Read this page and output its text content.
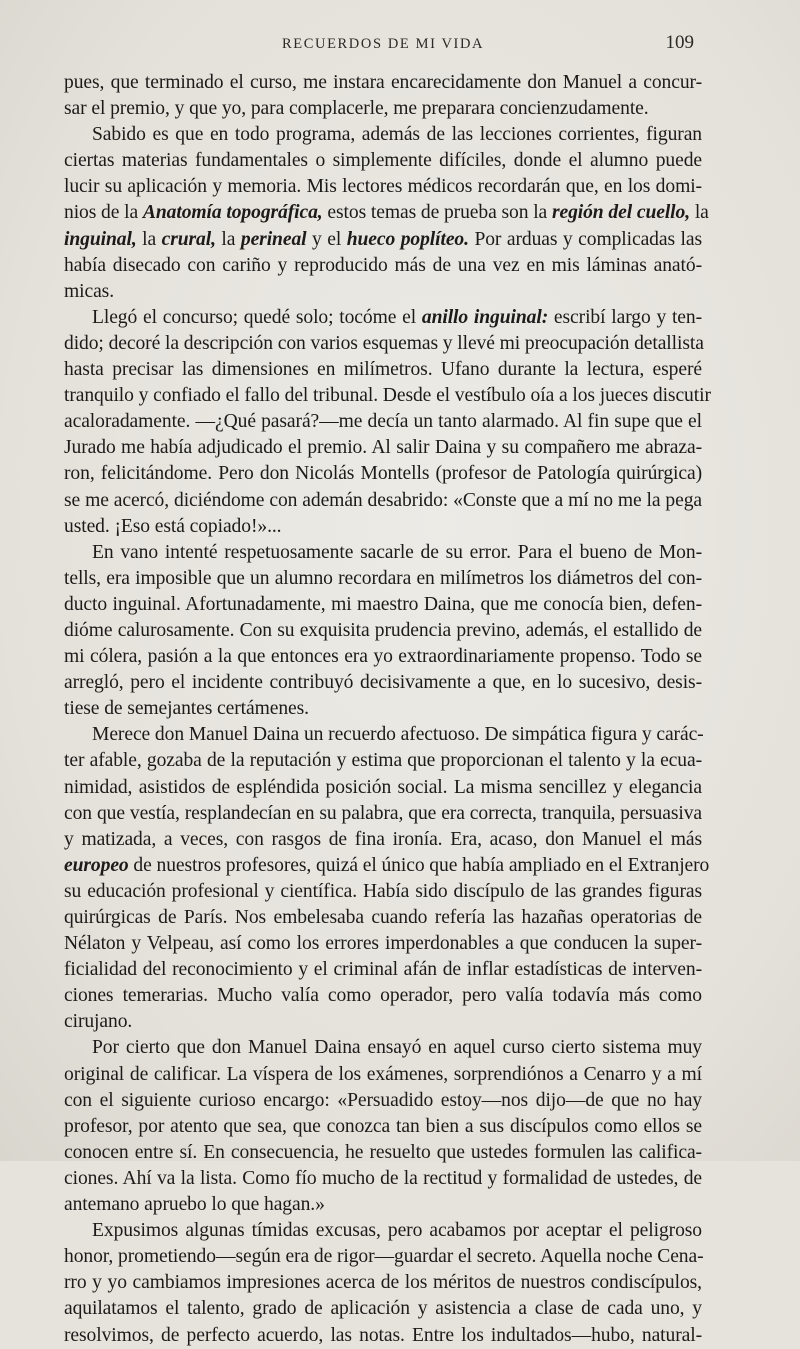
RECUERDOS DE MI VIDA	109
pues, que terminado el curso, me instara encarecidamente don Manuel a concur-
sar el premio, y que yo, para complacerle, me preparara concienzudamente.
Sabido es que en todo programa, además de las lecciones corrientes, figuran
ciertas materias fundamentales o simplemente difíciles, donde el alumno puede
lucir su aplicación y memoria. Mis lectores médicos recordarán que, en los domi-
nios de la Anatomía topográfica, estos temas de prueba son la región del cuello, la
inguinal, la crural, la perineal y el hueco poplíteo. Por arduas y complicadas las
había disecado con cariño y reproducido más de una vez en mis láminas anató-
micas.
Llegó el concurso; quedé solo; tocóme el anillo inguinal: escribí largo y ten-
dido; decoré la descripción con varios esquemas y llevé mi preocupación detallista
hasta precisar las dimensiones en milímetros. Ufano durante la lectura, esperé
tranquilo y confiado el fallo del tribunal. Desde el vestíbulo oía a los jueces discutir
acaloradamente. —¿Qué pasará?—me decía un tanto alarmado. Al fin supe que el
Jurado me había adjudicado el premio. Al salir Daina y su compañero me abraza-
ron, felicitándome. Pero don Nicolás Montells (profesor de Patología quirúrgica)
se me acercó, diciéndome con ademán desabrido: «Conste que a mí no me la pega
usted. ¡Eso está copiado!»...
En vano intenté respetuosamente sacarle de su error. Para el bueno de Mon-
tells, era imposible que un alumno recordara en milímetros los diámetros del con-
ducto inguinal. Afortunadamente, mi maestro Daina, que me conocía bien, defen-
dióme calurosamente. Con su exquisita prudencia previno, además, el estallido de
mi cólera, pasión a la que entonces era yo extraordinariamente propenso. Todo se
arregló, pero el incidente contribuyó decisivamente a que, en lo sucesivo, desis-
tiese de semejantes certámenes.
Merece don Manuel Daina un recuerdo afectuoso. De simpática figura y carác-
ter afable, gozaba de la reputación y estima que proporcionan el talento y la ecua-
nimidad, asistidos de espléndida posición social. La misma sencillez y elegancia
con que vestía, resplandecían en su palabra, que era correcta, tranquila, persuasiva
y matizada, a veces, con rasgos de fina ironía. Era, acaso, don Manuel el más
europeo de nuestros profesores, quizá el único que había ampliado en el Extranjero
su educación profesional y científica. Había sido discípulo de las grandes figuras
quirúrgicas de París. Nos embelesaba cuando refería las hazañas operatorias de
Nélaton y Velpeau, así como los errores imperdonables a que conducen la super-
ficialidad del reconocimiento y el criminal afán de inflar estadísticas de interven-
ciones temerarias. Mucho valía como operador, pero valía todavía más como
cirujano.
Por cierto que don Manuel Daina ensayó en aquel curso cierto sistema muy
original de calificar. La víspera de los exámenes, sorprendiónos a Cenarro y a mí
con el siguiente curioso encargo: «Persuadido estoy—nos dijo—de que no hay
profesor, por atento que sea, que conozca tan bien a sus discípulos como ellos se
conocen entre sí. En consecuencia, he resuelto que ustedes formulen las califica-
ciones. Ahí va la lista. Como fío mucho de la rectitud y formalidad de ustedes, de
antemano apruebo lo que hagan.»
Expusimos algunas tímidas excusas, pero acabamos por aceptar el peligroso
honor, prometiendo—según era de rigor—guardar el secreto. Aquella noche Cena-
rro y yo cambiamos impresiones acerca de los méritos de nuestros condiscípulos,
aquilatamos el talento, grado de aplicación y asistencia a clase de cada uno, y
resolvimos, de perfecto acuerdo, las notas. Entre los indultados—hubo, natural-
